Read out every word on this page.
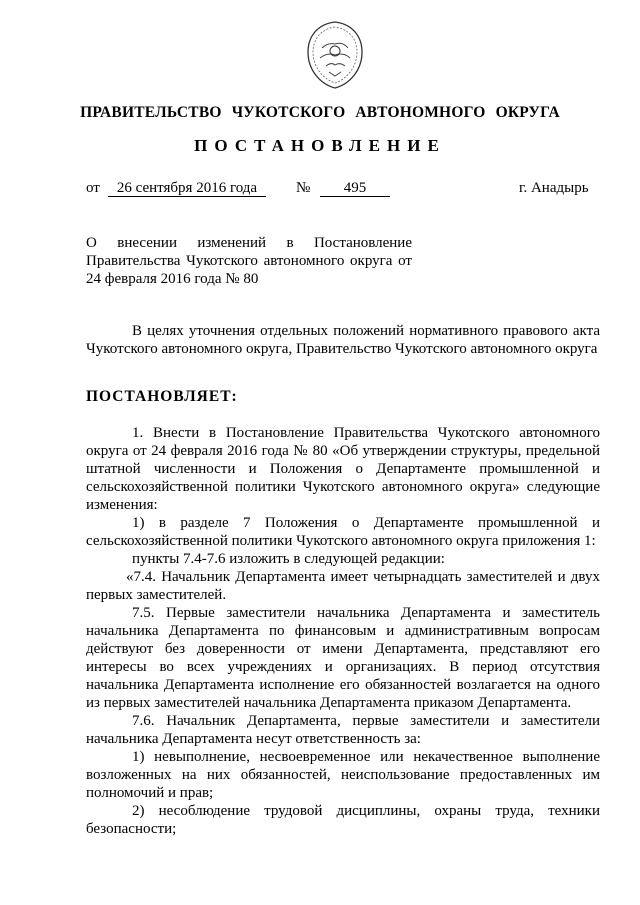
ПРАВИТЕЛЬСТВО ЧУКОТСКОГО АВТОНОМНОГО ОКРУГА
ПОСТАНОВЛЕНИЕ
от	26 сентября 2016 года	№	495	г. Анадырь
О внесении изменений в Постановление
Правительства Чукотского автономного округа от
24 февраля 2016 года № 80

В целях уточнения отдельных положений нормативного правового акта Чукотского автономного округа, Правительство Чукотского автономного округа

ПОСТАНОВЛЯЕТ:

1. Внести в Постановление Правительства Чукотского автономного округа от 24 февраля 2016 года № 80 «Об утверждении структуры, предельной штатной численности и Положения о Департаменте промышленной и сельскохозяйственной политики Чукотского автономного округа» следующие изменения:

1) в разделе 7 Положения о Департаменте промышленной и сельскохозяйственной политики Чукотского автономного округа приложения 1:

пункты 7.4-7.6 изложить в следующей редакции:

«7.4. Начальник Департамента имеет четырнадцать заместителей и двух первых заместителей.

7.5. Первые заместители начальника Департамента и заместитель начальника Департамента по финансовым и административным вопросам действуют без доверенности от имени Департамента, представляют его интересы во всех учреждениях и организациях. В период отсутствия начальника Департамента исполнение его обязанностей возлагается на одного из первых заместителей начальника Департамента приказом Департамента.

7.6. Начальник Департамента, первые заместители и заместители начальника Департамента несут ответственность за:

1) невыполнение, несвоевременное или некачественное выполнение возложенных на них обязанностей, неиспользование предоставленных им полномочий и прав;

2) несоблюдение трудовой дисциплины, охраны труда, техники безопасности;
